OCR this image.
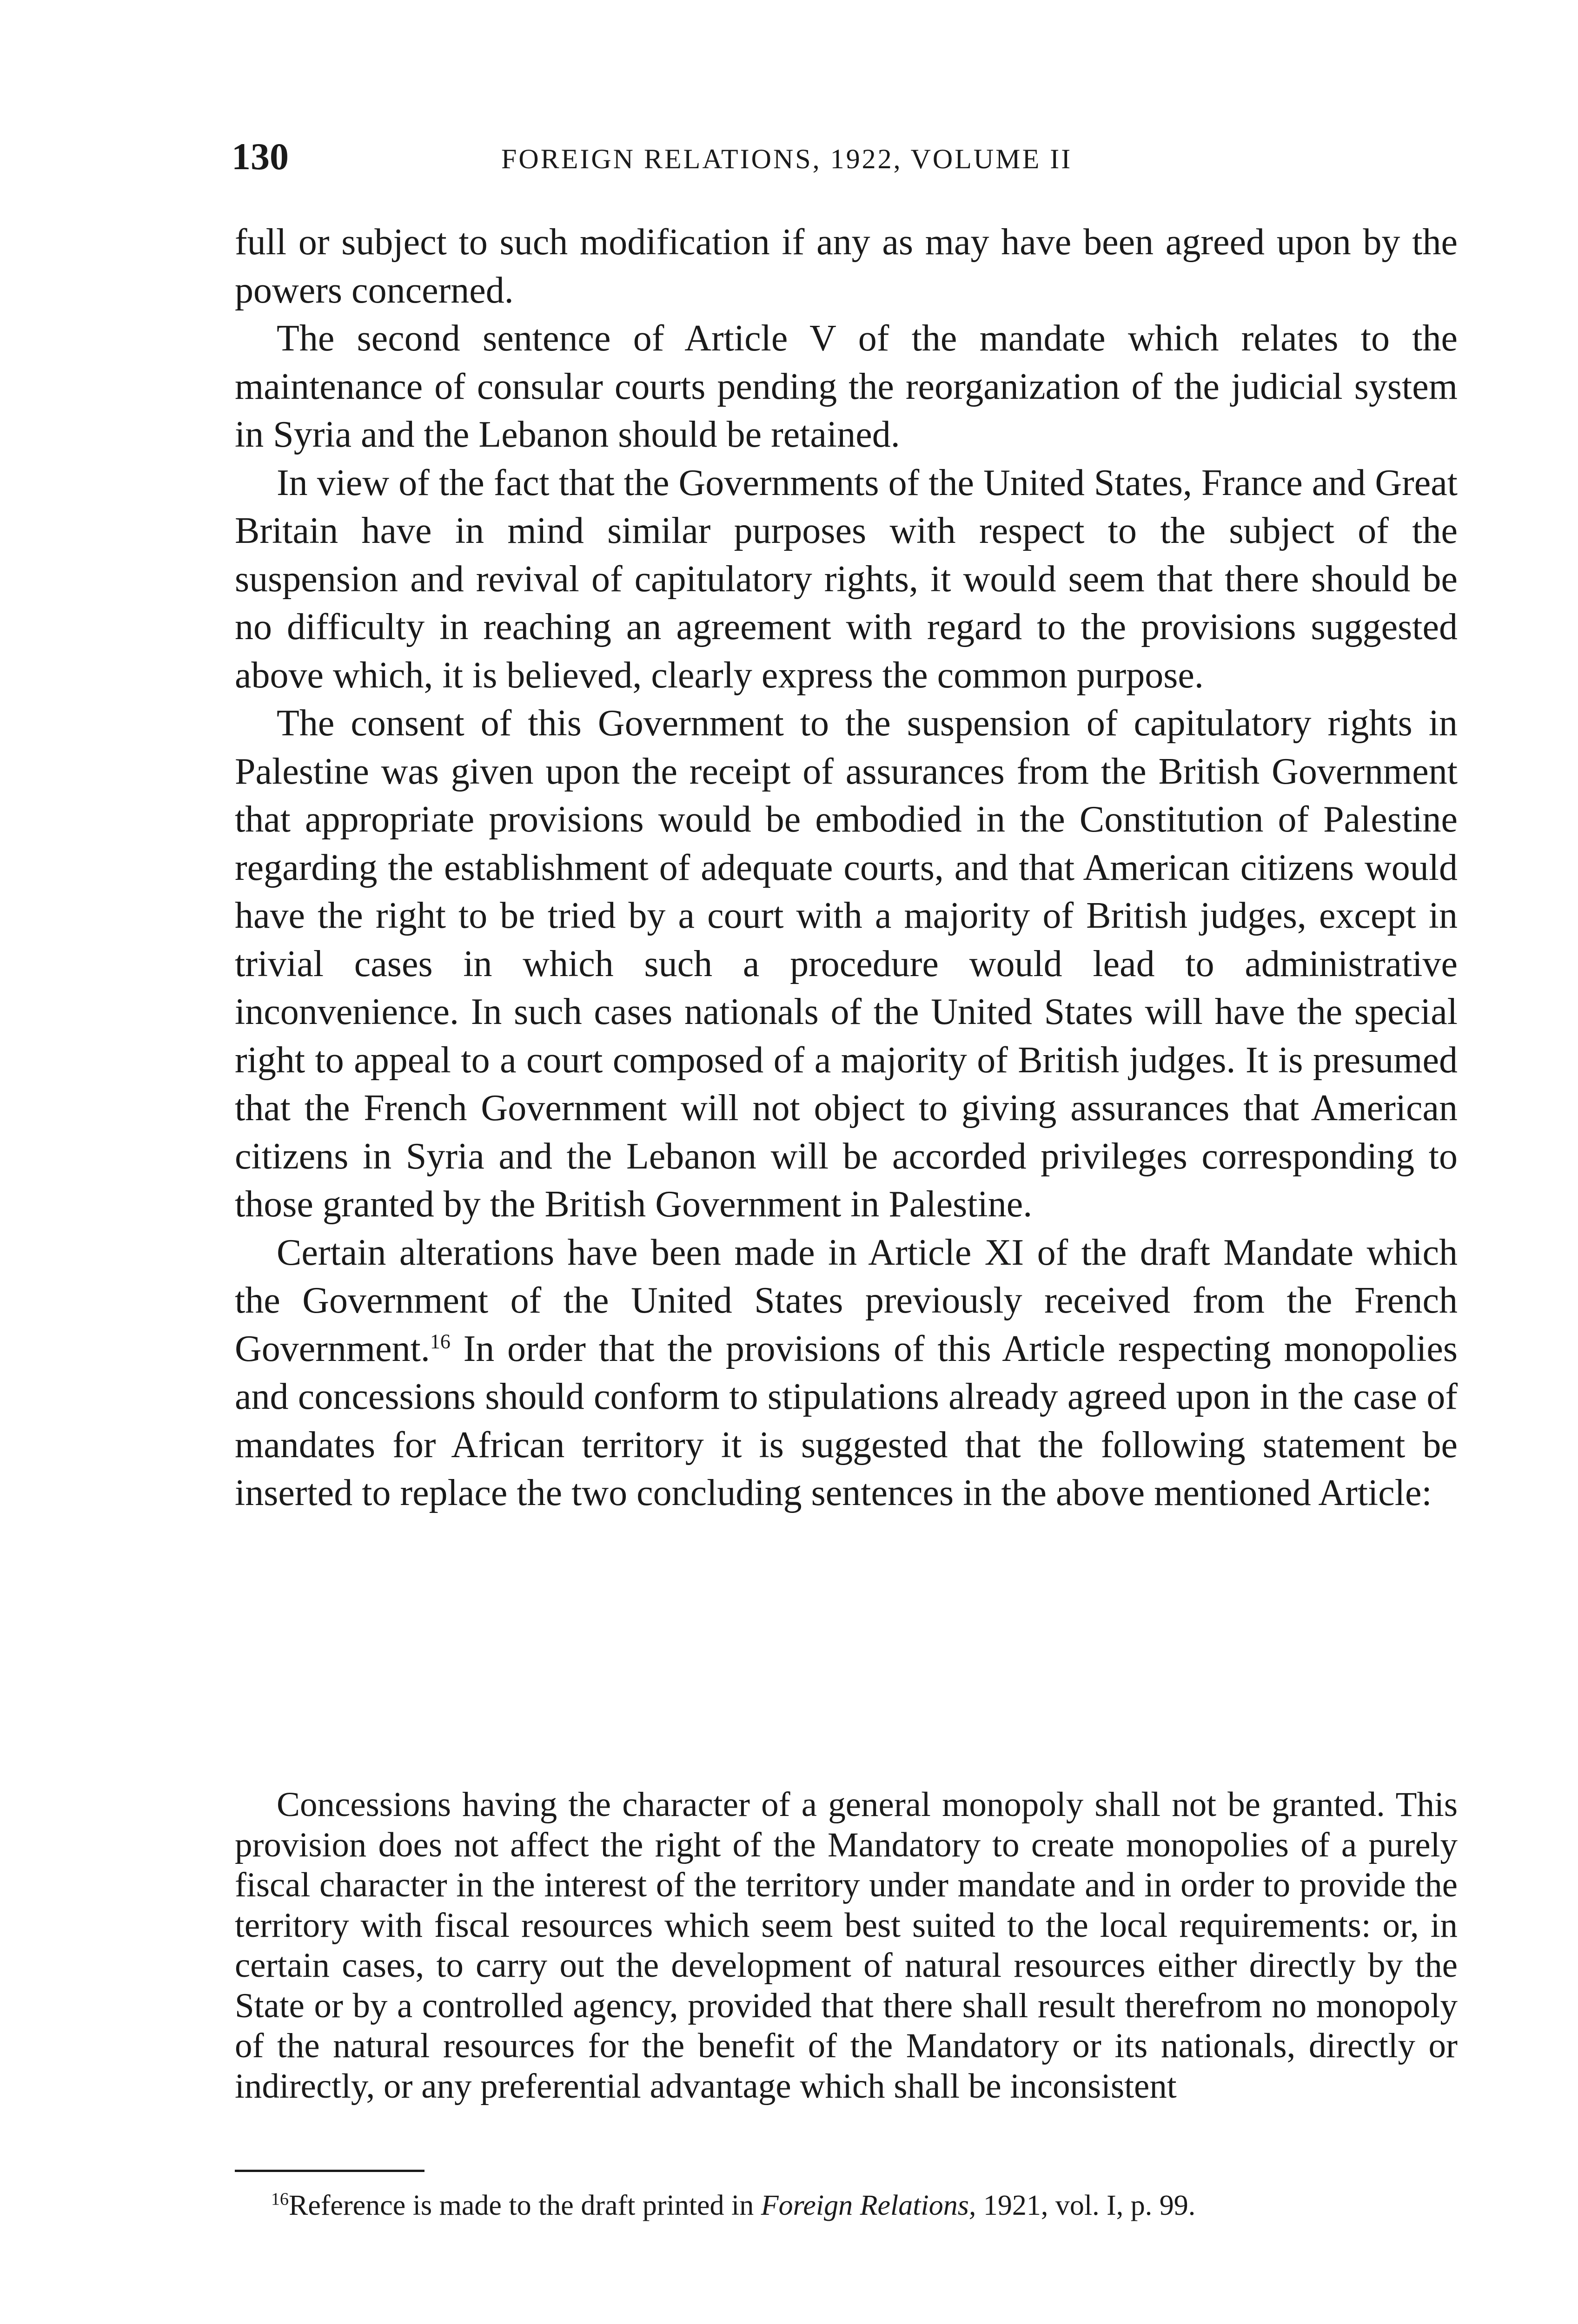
130	FOREIGN RELATIONS, 1922, VOLUME II

full or subject to such modification if any as may have been agreed upon by the powers concerned.

The second sentence of Article V of the mandate which relates to the maintenance of consular courts pending the reorganization of the judicial system in Syria and the Lebanon should be retained.

In view of the fact that the Governments of the United States, France and Great Britain have in mind similar purposes with respect to the subject of the suspension and revival of capitulatory rights, it would seem that there should be no difficulty in reaching an agreement with regard to the provisions suggested above which, it is believed, clearly express the common purpose.

The consent of this Government to the suspension of capitulatory rights in Palestine was given upon the receipt of assurances from the British Government that appropriate provisions would be embodied in the Constitution of Palestine regarding the establishment of adequate courts, and that American citizens would have the right to be tried by a court with a majority of British judges, except in trivial cases in which such a procedure would lead to administrative inconvenience. In such cases nationals of the United States will have the special right to appeal to a court composed of a majority of British judges. It is presumed that the French Government will not object to giving assurances that American citizens in Syria and the Lebanon will be accorded privileges corresponding to those granted by the British Government in Palestine.

Certain alterations have been made in Article XI of the draft Mandate which the Government of the United States previously received from the French Government.$^{16}$ In order that the provisions of this Article respecting monopolies and concessions should conform to stipulations already agreed upon in the case of mandates for African territory it is suggested that the following statement be inserted to replace the two concluding sentences in the above mentioned Article:

Concessions having the character of a general monopoly shall not be granted. This provision does not affect the right of the Mandatory to create monopolies of a purely fiscal character in the interest of the territory under mandate and in order to provide the territory with fiscal resources which seem best suited to the local requirements: or, in certain cases, to carry out the development of natural resources either directly by the State or by a controlled agency, provided that there shall result therefrom no monopoly of the natural resources for the benefit of the Mandatory or its nationals, directly or indirectly, or any preferential advantage which shall be inconsistent

$^{16}$Reference is made to the draft printed in Foreign Relations, 1921, vol. I, p. 99.
